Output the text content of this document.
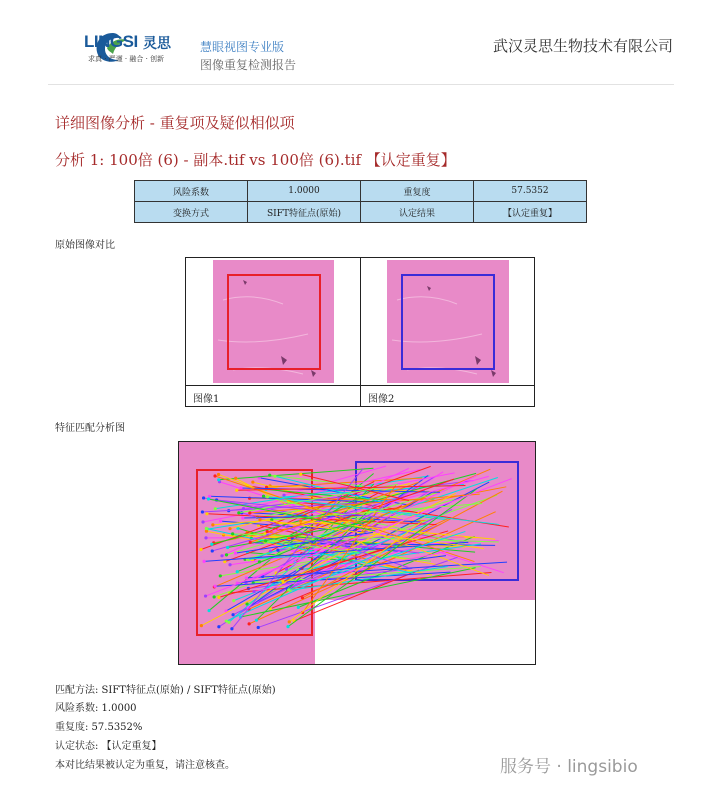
LINGSI 灵思
求真 · 严谨 · 融合 · 创新
慧眼视图专业版
图像重复检测报告
武汉灵思生物技术有限公司
详细图像分析 - 重复项及疑似相似项
分析 1: 100倍 (6) - 副本.tif vs 100倍 (6).tif 【认定重复】
风险系数	1.0000	重复度	57.5352
变换方式	SIFT特征点(原始)	认定结果	【认定重复】
原始图像对比
图像1	图像2
特征匹配分析图
匹配方法: SIFT特征点(原始) / SIFT特征点(原始)
风险系数: 1.0000
重复度: 57.5352%
认定状态: 【认定重复】
本对比结果被认定为重复，请注意核查。	服务号 · lingsibio
